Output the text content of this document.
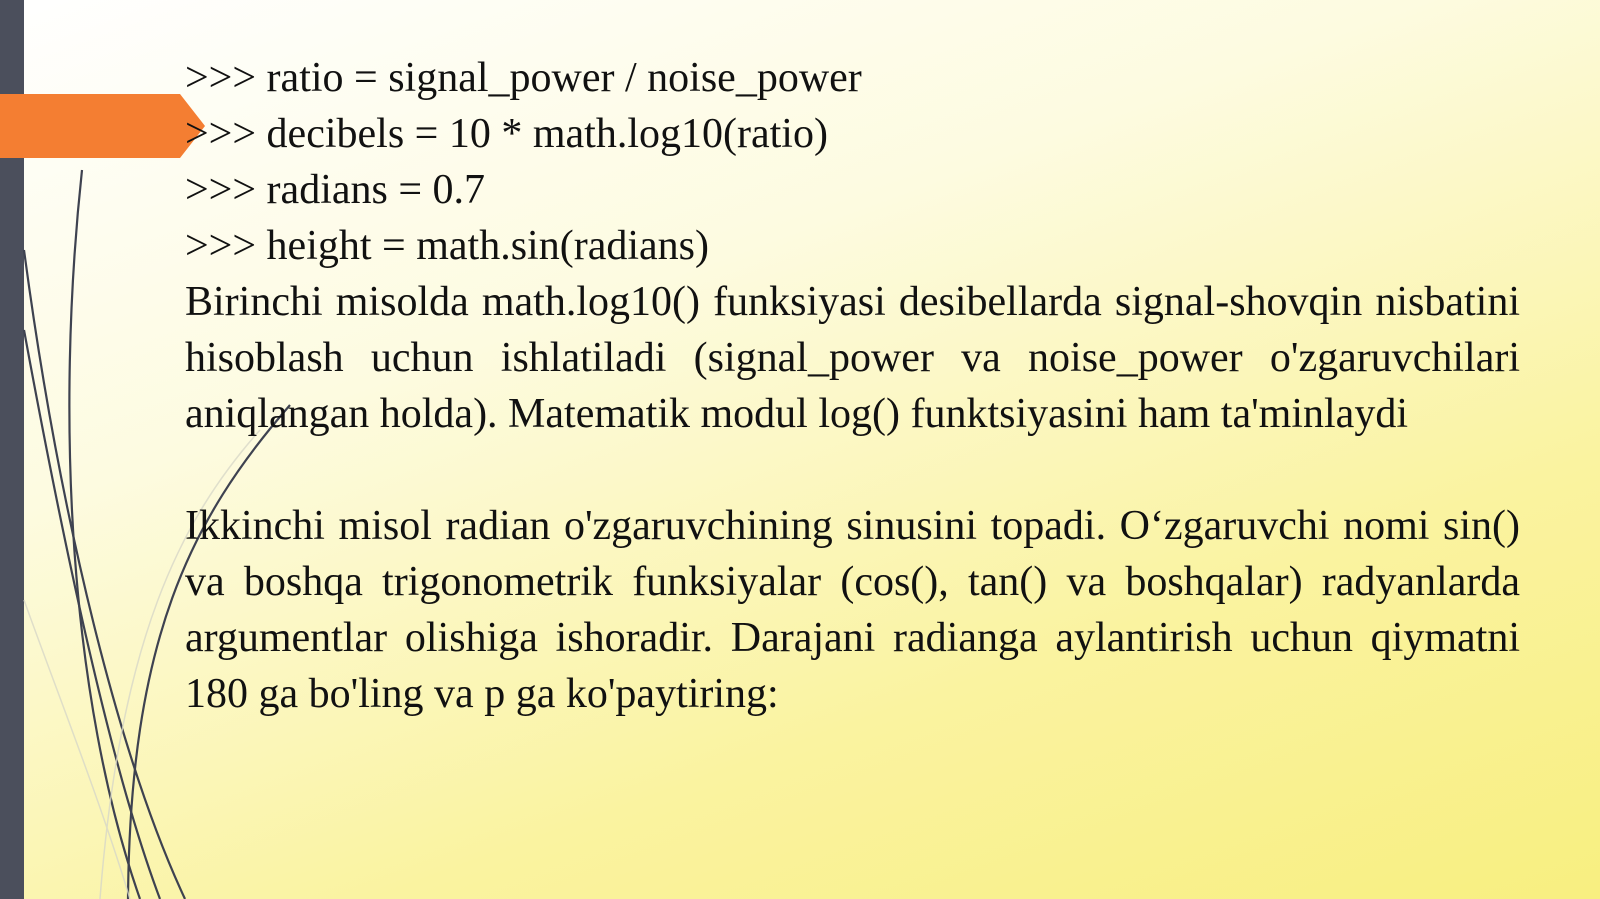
>>> ratio = signal_power / noise_power
>>> decibels = 10 * math.log10(ratio)
>>> radians = 0.7
>>> height = math.sin(radians)

Birinchi misolda math.log10() funksiyasi desibellarda signal-shovqin nisbatini hisoblash uchun ishlatiladi (signal_power va noise_power o'zgaruvchilari aniqlangan holda). Matematik modul log() funktsiyasini ham ta'minlaydi

Ikkinchi misol radian o'zgaruvchining sinusini topadi. O‘zgaruvchi nomi sin() va boshqa trigonometrik funksiyalar (cos(), tan() va boshqalar) radyanlarda argumentlar olishiga ishoradir. Darajani radianga aylantirish uchun qiymatni 180 ga bo'ling va p ga ko'paytiring:
